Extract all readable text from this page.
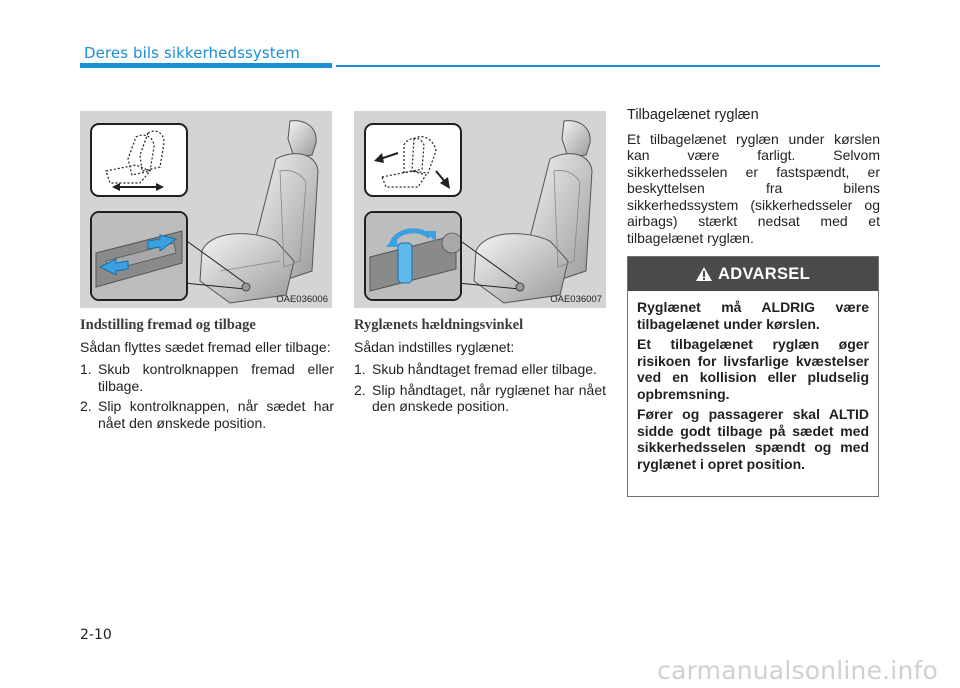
Deres bils sikkerhedssystem
OAE036006	OAE036007
Indstilling fremad og tilbage
Sådan flyttes sædet fremad eller tilbage:
1. Skub kontrolknappen fremad eller tilbage.
2. Slip kontrolknappen, når sædet har nået den ønskede position.
Ryglænets hældningsvinkel
Sådan indstilles ryglænet:
1. Skub håndtaget fremad eller tilbage.
2. Slip håndtaget, når ryglænet har nået den ønskede position.
Tilbagelænet ryglæn
Et tilbagelænet ryglæn under kørslen kan være farligt. Selvom sikkerhedsselen er fastspændt, er beskyttelsen fra bilens sikkerhedssystem (sikkerhedsseler og airbags) stærkt nedsat med et tilbagelænet ryglæn.
ADVARSEL

Ryglænet må ALDRIG være tilbagelænet under kørslen.

Et tilbagelænet ryglæn øger risikoen for livsfarlige kvæstelser ved en kollision eller pludselig opbremsning.

Fører og passagerer skal ALTID sidde godt tilbage på sædet med sikkerhedsselen spændt og med ryglænet i opret position.

2-10
carmanualsonline.info
